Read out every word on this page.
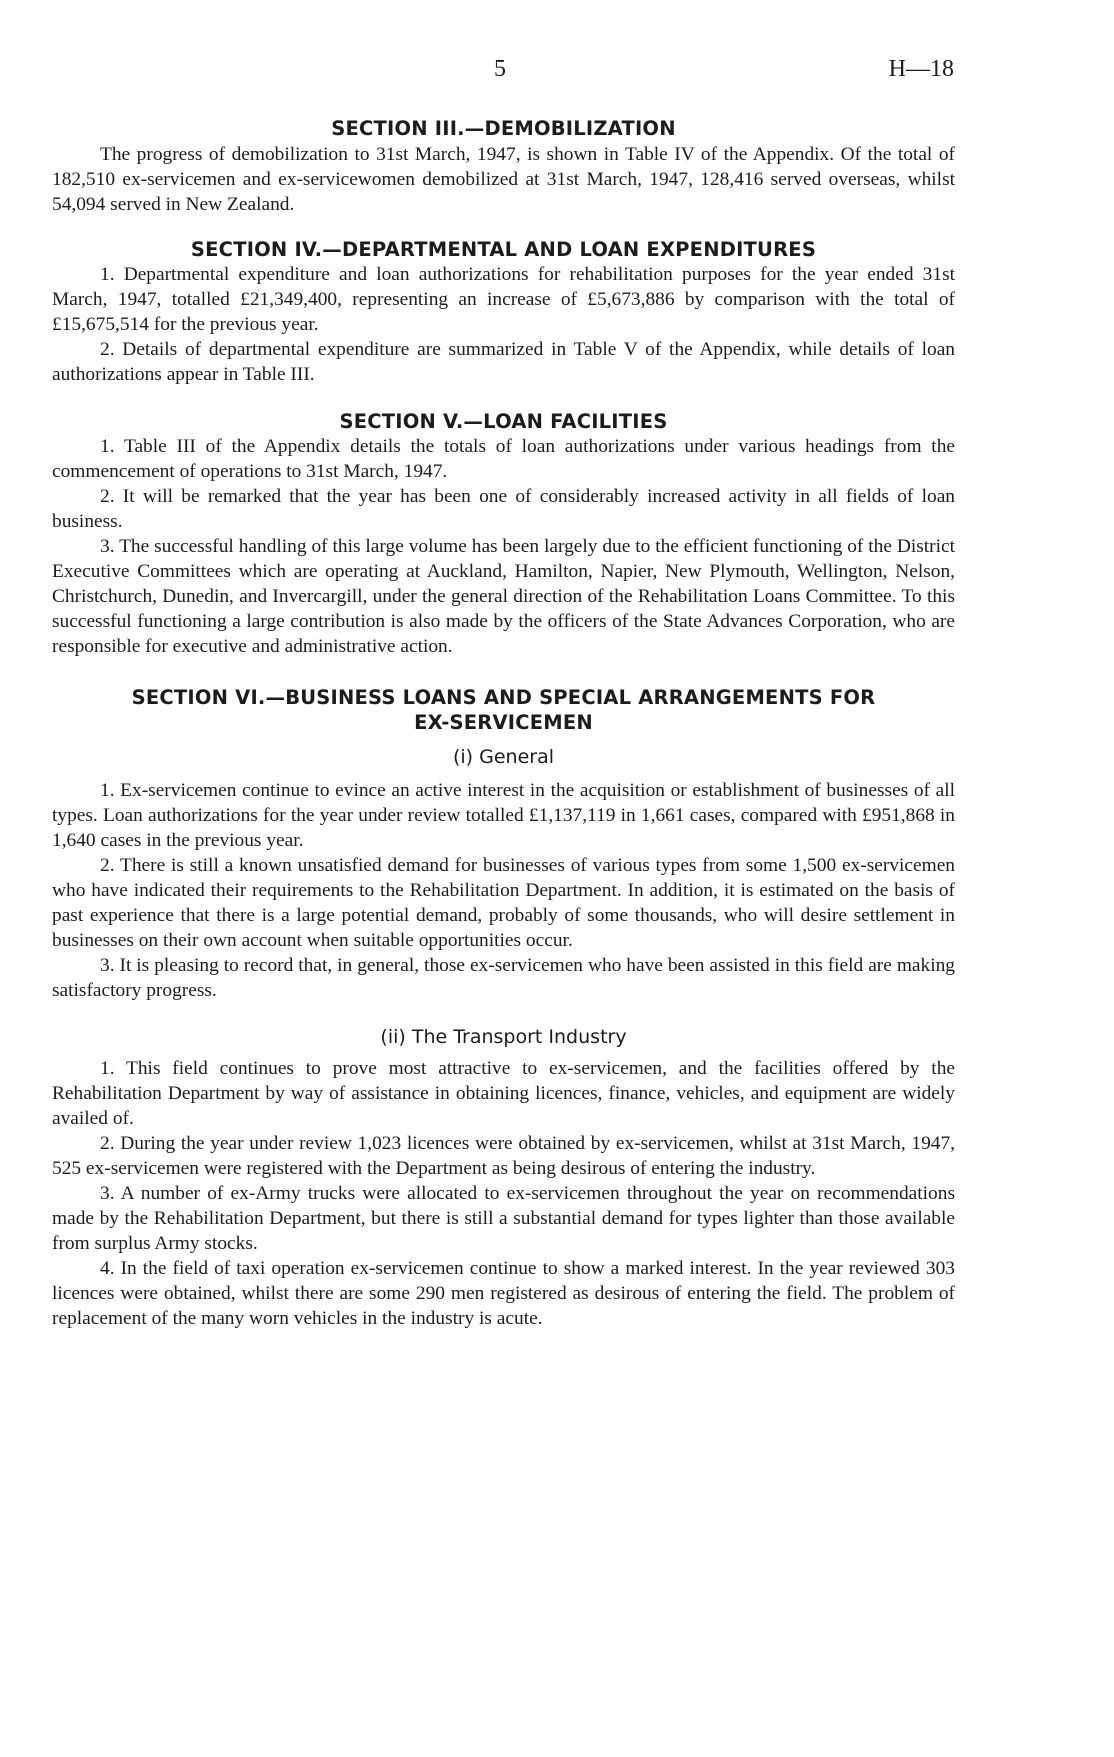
5	H—18
SECTION III.—DEMOBILIZATION

The progress of demobilization to 31st March, 1947, is shown in Table IV of the Appendix. Of the total of 182,510 ex-servicemen and ex-servicewomen demobilized at 31st March, 1947, 128,416 served overseas, whilst 54,094 served in New Zealand.

SECTION IV.—DEPARTMENTAL AND LOAN EXPENDITURES

1. Departmental expenditure and loan authorizations for rehabilitation purposes for the year ended 31st March, 1947, totalled £21,349,400, representing an increase of £5,673,886 by comparison with the total of £15,675,514 for the previous year.

2. Details of departmental expenditure are summarized in Table V of the Appendix, while details of loan authorizations appear in Table III.

SECTION V.—LOAN FACILITIES

1. Table III of the Appendix details the totals of loan authorizations under various headings from the commencement of operations to 31st March, 1947.

2. It will be remarked that the year has been one of considerably increased activity in all fields of loan business.

3. The successful handling of this large volume has been largely due to the efficient functioning of the District Executive Committees which are operating at Auckland, Hamilton, Napier, New Plymouth, Wellington, Nelson, Christchurch, Dunedin, and Invercargill, under the general direction of the Rehabilitation Loans Committee. To this successful functioning a large contribution is also made by the officers of the State Advances Corporation, who are responsible for executive and administrative action.

SECTION VI.—BUSINESS LOANS AND SPECIAL ARRANGEMENTS FOR
EX-SERVICEMEN
(i) General

1. Ex-servicemen continue to evince an active interest in the acquisition or establishment of businesses of all types. Loan authorizations for the year under review totalled £1,137,119 in 1,661 cases, compared with £951,868 in 1,640 cases in the previous year.

2. There is still a known unsatisfied demand for businesses of various types from some 1,500 ex-servicemen who have indicated their requirements to the Rehabilitation Department. In addition, it is estimated on the basis of past experience that there is a large potential demand, probably of some thousands, who will desire settlement in businesses on their own account when suitable opportunities occur.

3. It is pleasing to record that, in general, those ex-servicemen who have been assisted in this field are making satisfactory progress.

(ii) The Transport Industry

1. This field continues to prove most attractive to ex-servicemen, and the facilities offered by the Rehabilitation Department by way of assistance in obtaining licences, finance, vehicles, and equipment are widely availed of.

2. During the year under review 1,023 licences were obtained by ex-servicemen, whilst at 31st March, 1947, 525 ex-servicemen were registered with the Department as being desirous of entering the industry.

3. A number of ex-Army trucks were allocated to ex-servicemen throughout the year on recommendations made by the Rehabilitation Department, but there is still a substantial demand for types lighter than those available from surplus Army stocks.

4. In the field of taxi operation ex-servicemen continue to show a marked interest. In the year reviewed 303 licences were obtained, whilst there are some 290 men registered as desirous of entering the field. The problem of replacement of the many worn vehicles in the industry is acute.
